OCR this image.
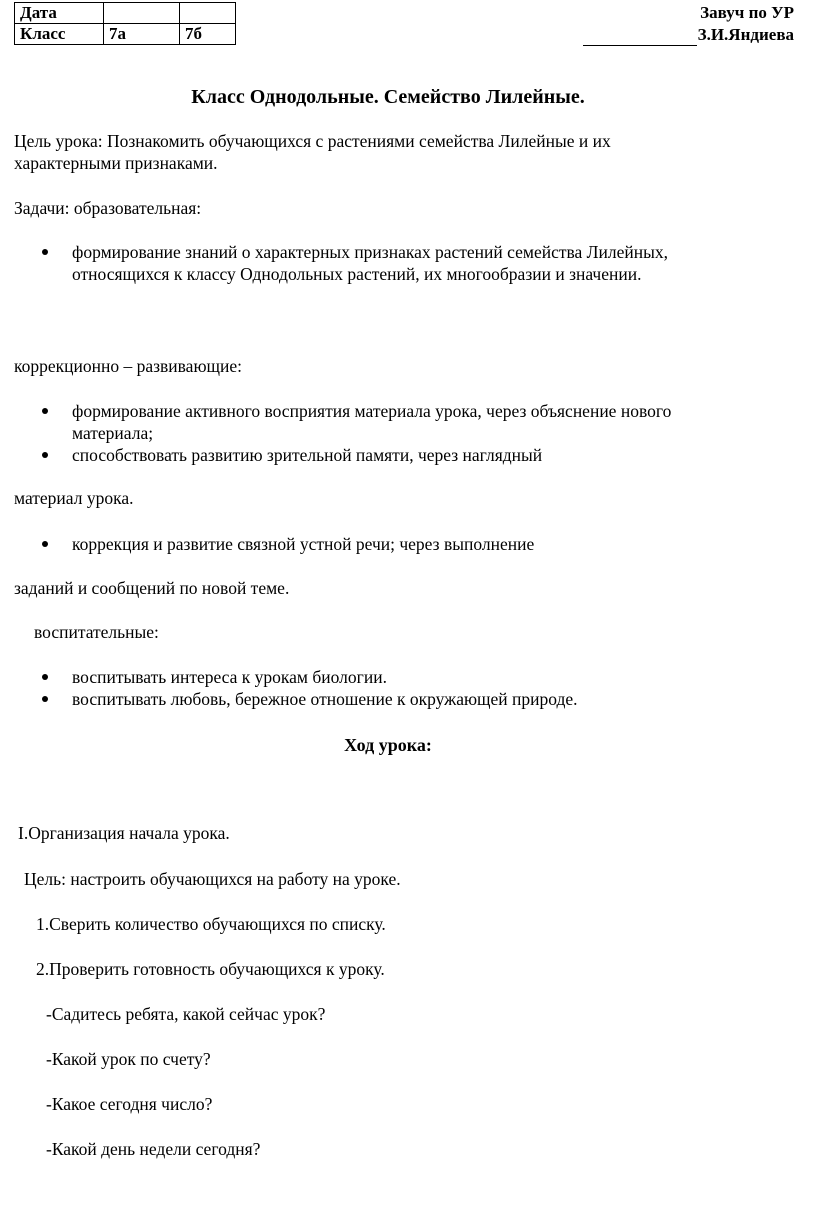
Дата		
Класс	7а	7б
Завуч по УР
З.И.Яндиева
Класс Однодольные. Семейство Лилейные.
Цель урока: Познакомить обучающихся с растениями семейства Лилейные и их
характерными признаками.
Задачи: образовательная:
формирование знаний о характерных признаках растений семейства Лилейных,
относящихся к классу Однодольных растений, их многообразии и значении.
коррекционно – развивающие:
формирование активного восприятия материала урока, через объяснение нового
материала;
способствовать развитию зрительной памяти, через наглядный
материал урока.
коррекция и развитие связной устной речи; через выполнение
заданий и сообщений по новой теме.
воспитательные:
воспитывать интереса к урокам биологии.
воспитывать любовь, бережное отношение к окружающей природе.
Ход урока:
I.Организация начала урока.
Цель: настроить обучающихся на работу на уроке.
1.Сверить количество обучающихся по списку.
2.Проверить готовность обучающихся к уроку.
-Садитесь ребята, какой сейчас урок?
-Какой урок по счету?
-Какое сегодня число?
-Какой день недели сегодня?
